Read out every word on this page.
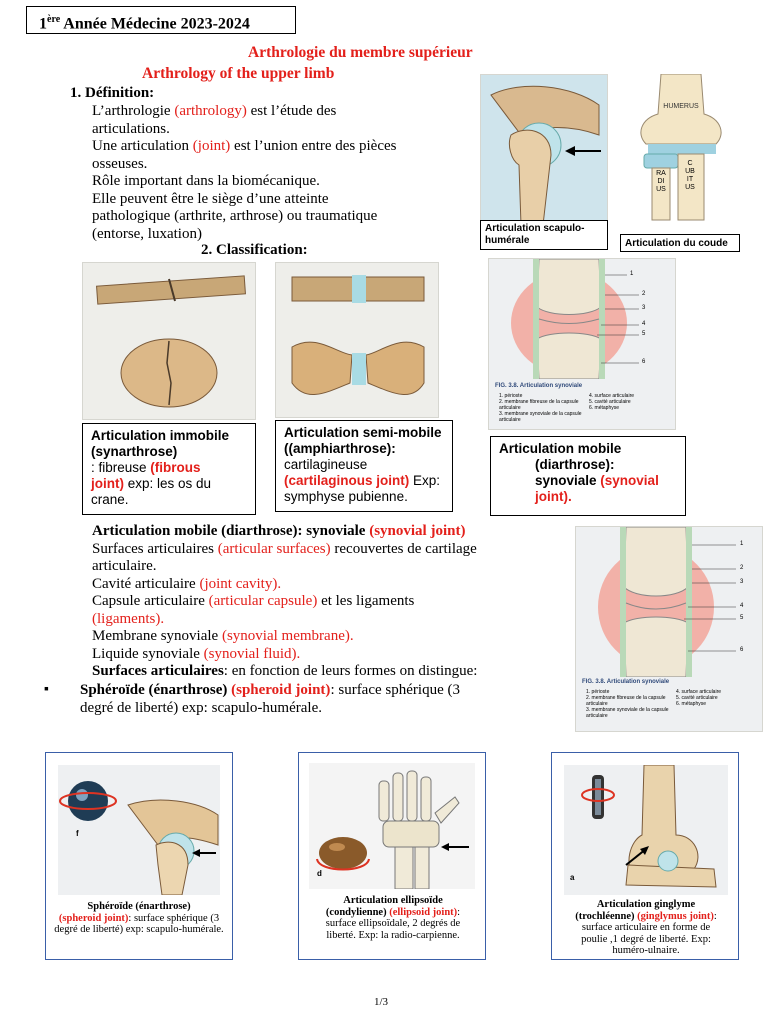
1ère Année Médecine 2023-2024
Arthrologie du membre supérieur
Arthrology of the upper limb
1. Définition:

L’arthrologie (arthrology) est l’étude des

articulations.

Une articulation (joint) est l’union entre des pièces

osseuses.

Rôle important dans la biomécanique.

Elle peuvent être le siège d’une atteinte

pathologique (arthrite, arthrose) ou traumatique

(entorse, luxation)	Articulation scapulo-humérale
HUMERUS
RADIUS
CUBITUS
Articulation du coude
2. Classification:

Articulation immobile

(synarthrose)

: fibreuse (fibrous

joint) exp: les os du

crane.

Articulation semi-mobile

((amphiarthrose):

cartilagineuse

(cartilaginous joint) Exp:

symphyse pubienne.

FIG. 3.8. Articulation synoviale

1. périoste

2. membrane fibreuse de la capsule articulaire

3. membrane synoviale de la capsule articulaire

4. surface articulaire

5. cavité articulaire

6. métaphyse

1
2
3
4
5
6

Articulation mobile

(diarthrose):

synoviale (synovial

joint).

Articulation mobile (diarthrose): synoviale (synovial joint)

Surfaces articulaires (articular surfaces) recouvertes de cartilage

articulaire.

Cavité articulaire (joint cavity).

Capsule articulaire (articular capsule) et les ligaments

(ligaments).

Membrane synoviale (synovial membrane).

Liquide synoviale (synovial fluid).

Surfaces articulaires: en fonction de leurs formes on distingue:

▪ Sphéroïde (énarthrose) (spheroid joint): surface sphérique (3

degré de liberté) exp: scapulo-humérale.

FIG. 3.8. Articulation synoviale

1. périoste

2. membrane fibreuse de la capsule articulaire

3. membrane synoviale de la capsule articulaire

4. surface articulaire

5. cavité articulaire

6. métaphyse

1
2
3
4
5
6
f
Sphéroïde (énarthrose)
(spheroid joint): surface sphérique (3 degré de liberté) exp: scapulo-humérale.
d
Articulation ellipsoïde (condylienne) (ellipsoid joint): surface ellipsoïdale, 2 degrés de liberté. Exp: la radio-carpienne.
a
Articulation ginglyme (trochléenne) (ginglymus joint): surface articulaire en forme de poulie ,1 degré de liberté. Exp: huméro-ulnaire.
1/3
